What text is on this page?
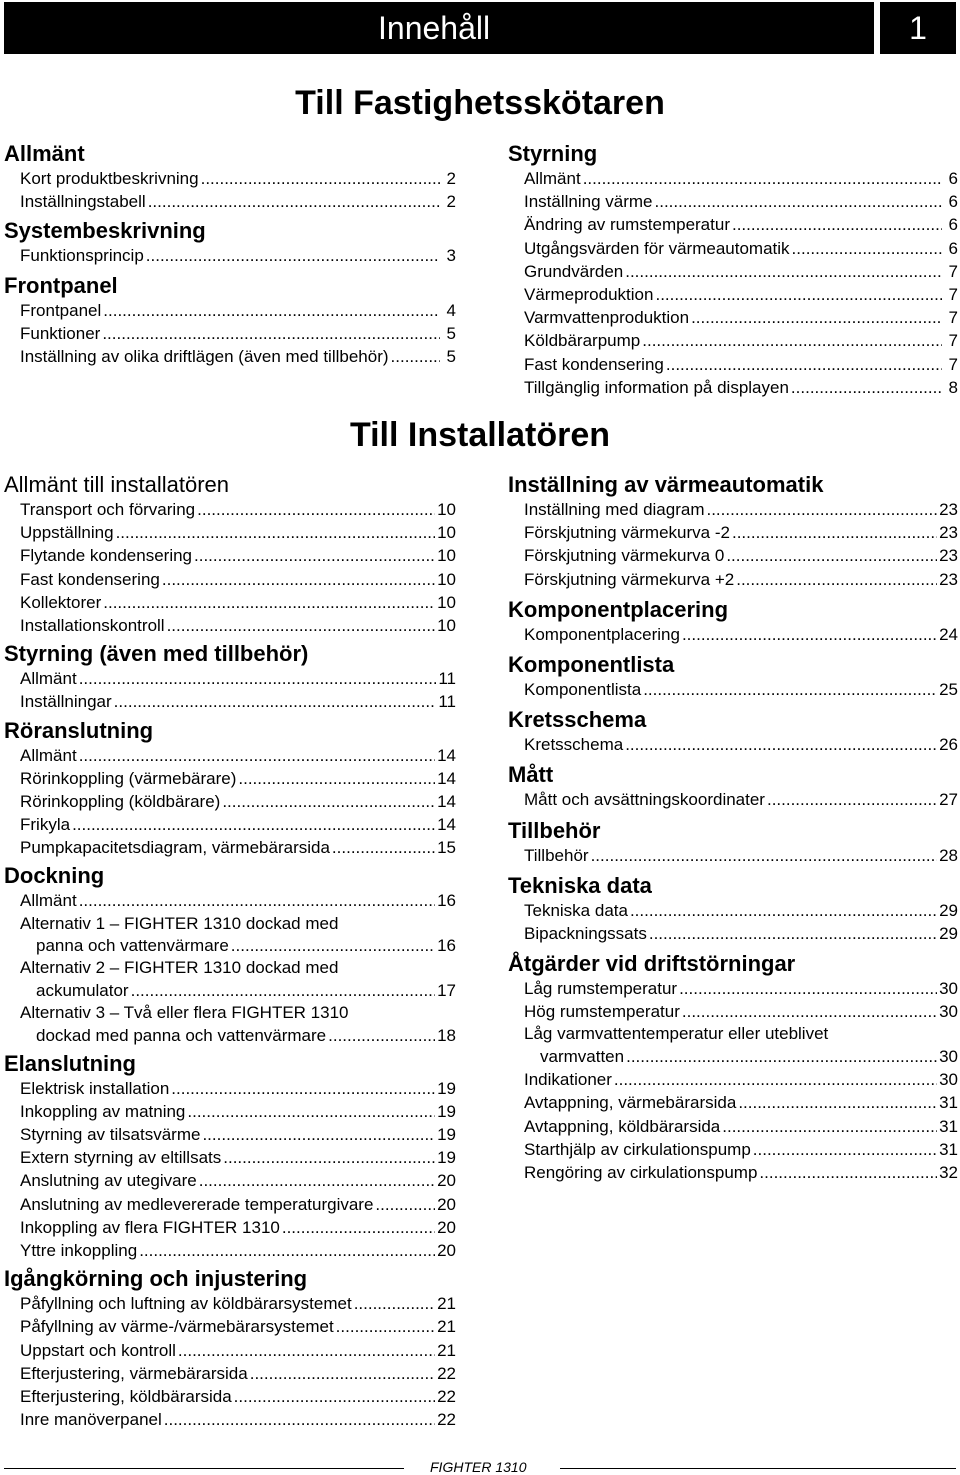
Innehåll	1
Till Fastighetsskötaren
Till Installatören
Allmänt
Kort produktbeskrivning .....	2
Inställningstabell .....	2
Systembeskrivning
Funktionsprincip .....	3
Frontpanel
Frontpanel .....	4
Funktioner .....	5
Inställning av olika driftlägen (även med tillbehör) .....	5
Styrning
Allmänt .....	6
Inställning värme .....	6
Ändring av rumstemperatur .....	6
Utgångsvärden för värmeautomatik .....	6
Grundvärden .....	7
Värmeproduktion .....	7
Varmvattenproduktion .....	7
Köldbärarpump .....	7
Fast kondensering .....	7
Tillgänglig information på displayen .....	8
Allmänt till installatören
Transport och förvaring .....	10
Uppställning .....	10
Flytande kondensering .....	10
Fast kondensering .....	10
Kollektorer .....	10
Installationskontroll .....	10
Styrning (även med tillbehör)
Allmänt .....	11
Inställningar .....	11
Röranslutning
Allmänt .....	14
Rörinkoppling (värmebärare) .....	14
Rörinkoppling (köldbärare) .....	14
Frikyla .....	14
Pumpkapacitetsdiagram, värmebärarsida .....	15
Dockning
Allmänt .....	16
Alternativ 1 – FIGHTER 1310 dockad med
panna och vattenvärmare .....	16
Alternativ 2 – FIGHTER 1310 dockad med
ackumulator .....	17
Alternativ 3 – Två eller flera FIGHTER 1310
dockad med panna och vattenvärmare .....	18
Elanslutning
Elektrisk installation .....	19
Inkoppling av matning .....	19
Styrning av tilsatsvärme .....	19
Extern styrning av eltillsats .....	19
Anslutning av utegivare .....	20
Anslutning av medlevererade temperaturgivare .....	20
Inkoppling av flera FIGHTER 1310 .....	20
Yttre inkoppling .....	20
Igångkörning och injustering
Påfyllning och luftning av köldbärarsystemet .....	21
Påfyllning av värme-/värmebärarsystemet .....	21
Uppstart och kontroll .....	21
Efterjustering, värmebärarsida .....	22
Efterjustering, köldbärarsida .....	22
Inre manöverpanel .....	22
Inställning av värmeautomatik
Inställning med diagram .....	23
Förskjutning värmekurva -2 .....	23
Förskjutning värmekurva 0 .....	23
Förskjutning värmekurva +2 .....	23
Komponentplacering
Komponentplacering .....	24
Komponentlista
Komponentlista .....	25
Kretsschema
Kretsschema .....	26
Mått
Mått och avsättningskoordinater .....	27
Tillbehör
Tillbehör .....	28
Tekniska data
Tekniska data .....	29
Bipackningssats .....	29
Åtgärder vid driftstörningar
Låg rumstemperatur .....	30
Hög rumstemperatur .....	30
Låg varmvattentemperatur eller uteblivet
varmvatten .....	30
Indikationer .....	30
Avtappning, värmebärarsida .....	31
Avtappning, köldbärarsida .....	31
Starthjälp av cirkulationspump .....	31
Rengöring av cirkulationspump .....	32
FIGHTER 1310
